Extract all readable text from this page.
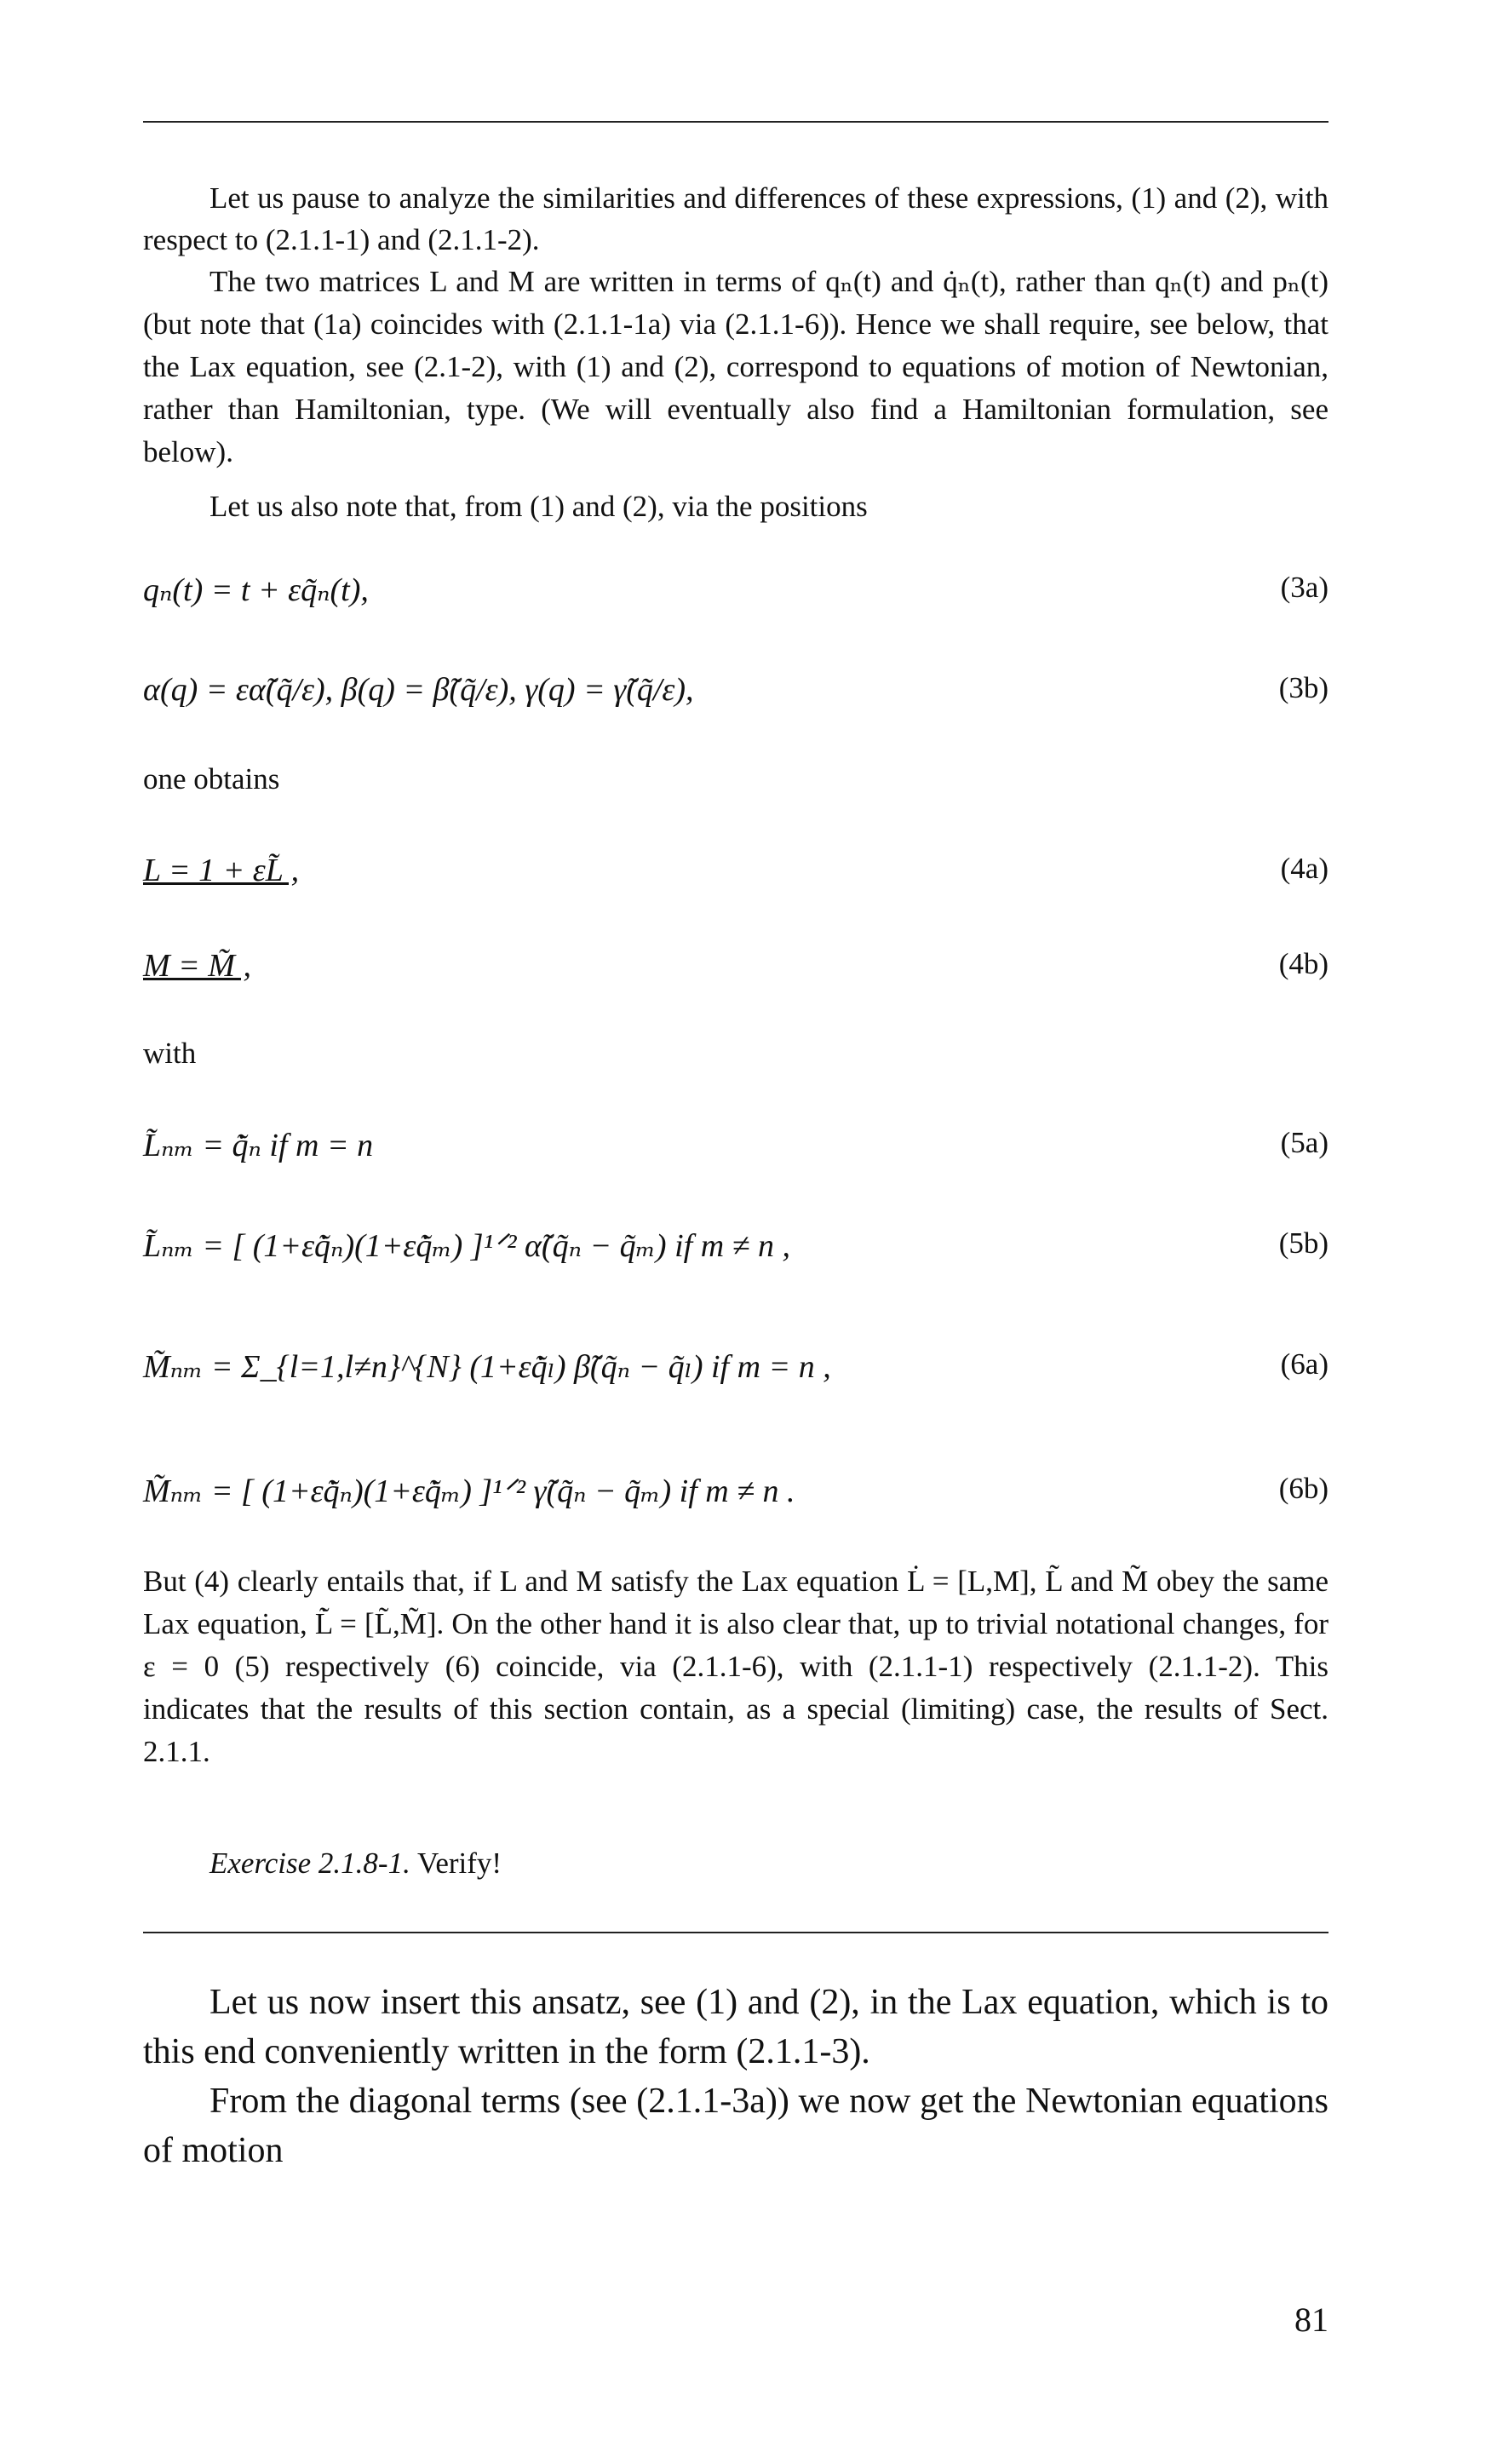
Let us pause to analyze the similarities and differences of these expressions, (1) and (2), with respect to (2.1.1-1) and (2.1.1-2).
The two matrices L and M are written in terms of qₙ(t) and q̇ₙ(t), rather than qₙ(t) and pₙ(t) (but note that (1a) coincides with (2.1.1-1a) via (2.1.1-6)). Hence we shall require, see below, that the Lax equation, see (2.1-2), with (1) and (2), correspond to equations of motion of Newtonian, rather than Hamiltonian, type. (We will eventually also find a Hamiltonian formulation, see below).
Let us also note that, from (1) and (2), via the positions
qₙ(t) = t + εq̃ₙ(t),	(3a)
α(q) = εα̃(q̃/ε), β(q) = β̃(q̃/ε), γ(q) = γ̃(q̃/ε),	(3b)
one obtains
L = 1 + εL̃ ,	(4a)
M = M̃ ,	(4b)
with
L̃ₙₘ = q̃̇ₙ if m = n	(5a)
L̃ₙₘ = [ (1+εq̃̇ₙ)(1+εq̃̇ₘ) ]¹ᐟ² α̃(q̃ₙ − q̃ₘ) if m ≠ n ,	(5b)
M̃ₙₘ = Σ_{l=1,l≠n}^{N} (1+εq̃̇ₗ) β̃(q̃ₙ − q̃ₗ) if m = n ,	(6a)
M̃ₙₘ = [ (1+εq̃̇ₙ)(1+εq̃̇ₘ) ]¹ᐟ² γ̃(q̃ₙ − q̃ₘ) if m ≠ n .	(6b)
But (4) clearly entails that, if L and M satisfy the Lax equation L̇ = [L,M], L̃ and M̃ obey the same Lax equation, L̃̇ = [L̃,M̃]. On the other hand it is also clear that, up to trivial notational changes, for ε = 0 (5) respectively (6) coincide, via (2.1.1-6), with (2.1.1-1) respectively (2.1.1-2). This indicates that the results of this section contain, as a special (limiting) case, the results of Sect. 2.1.1.
Exercise 2.1.8-1. Verify!
Let us now insert this ansatz, see (1) and (2), in the Lax equation, which is to this end conveniently written in the form (2.1.1-3).
From the diagonal terms (see (2.1.1-3a)) we now get the Newtonian equations of motion
81
